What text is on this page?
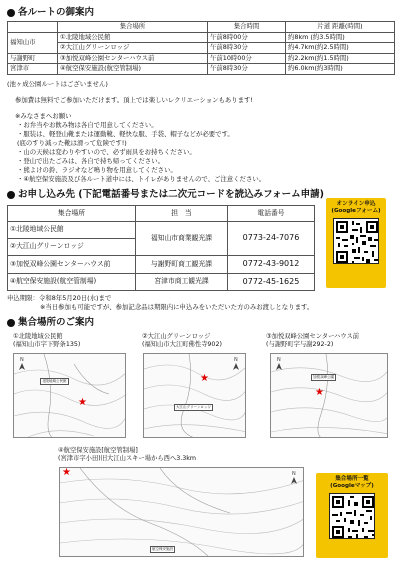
各ルートの御案内
	集合場所	集合時間	片道 距離(時間)
福知山市	①北陵地域公民館	午前8時00分	約8km (約3.5時間)
	②大江山グリーンロッジ	午前8時30分	約4.7km(約2.5時間)
与謝野町	③加悦双峰公園センターハウス前	午前10時00分	約2.2km(約1.5時間)
宮津市	④航空保安施設(航空管制場)	午前8時30分	約6.0km(約3時間)
(池ヶ成公園ルートはございません)
参加費は無料でご参加いただけます。頂上では楽しいレクリエーションもあります!
※みなさまへお願い
・お弁当やお飲み物は各自で用意してください。
・服装は、軽登山靴または運動靴、軽快な服、手袋、帽子などが必要です。
(底のすり減った靴は滑って危険です!)
・山の天候は変わりやすいので、必ず雨具をお持ちください。
・登山で出たごみは、各自で持ち帰ってください。
・熊よけの鈴、ラジオなど鳴り物を用意してください。
・④航空保安施設及び各ルート道中には、トイレがありませんので、ご注意ください。
お申し込み先 (下記電話番号または二次元コードを読込みフォーム申請)
集合場所	担　当	電話番号
①北陵地域公民館	福知山市商業観光課	0773-24-7076
②大江山グリーンロッジ		
③加悦双峰公園センターハウス前	与謝野町商工観光課	0772-43-9012
④航空保安施設(航空管制場)	宮津市商工観光課	0772-45-1625
オンライン申込
(Googleフォーム)
申込期限：令和8年5月20日(水)まで
※当日参加も可能ですが、参加記念品は期限内に申込みをいただいた方のみお渡しとなります。
集合場所のご案内
①北陵地域公民館
(福知山市字下野条135)
N
北陵地域公民館
★
②大江山グリーンロッジ
(福知山市大江町佛性寺902)
N
★
大江山グリーンロッジ
③加悦双峰公園センターハウス前
(与謝野町字与謝292-2)
N
加悦双峰公園
★
④航空保安施設[航空管制場]
(宮津市字小田)旧大江山スキー場から西へ3.3km
N
★
航空保安施設
集合場所一覧
(Googleマップ)
